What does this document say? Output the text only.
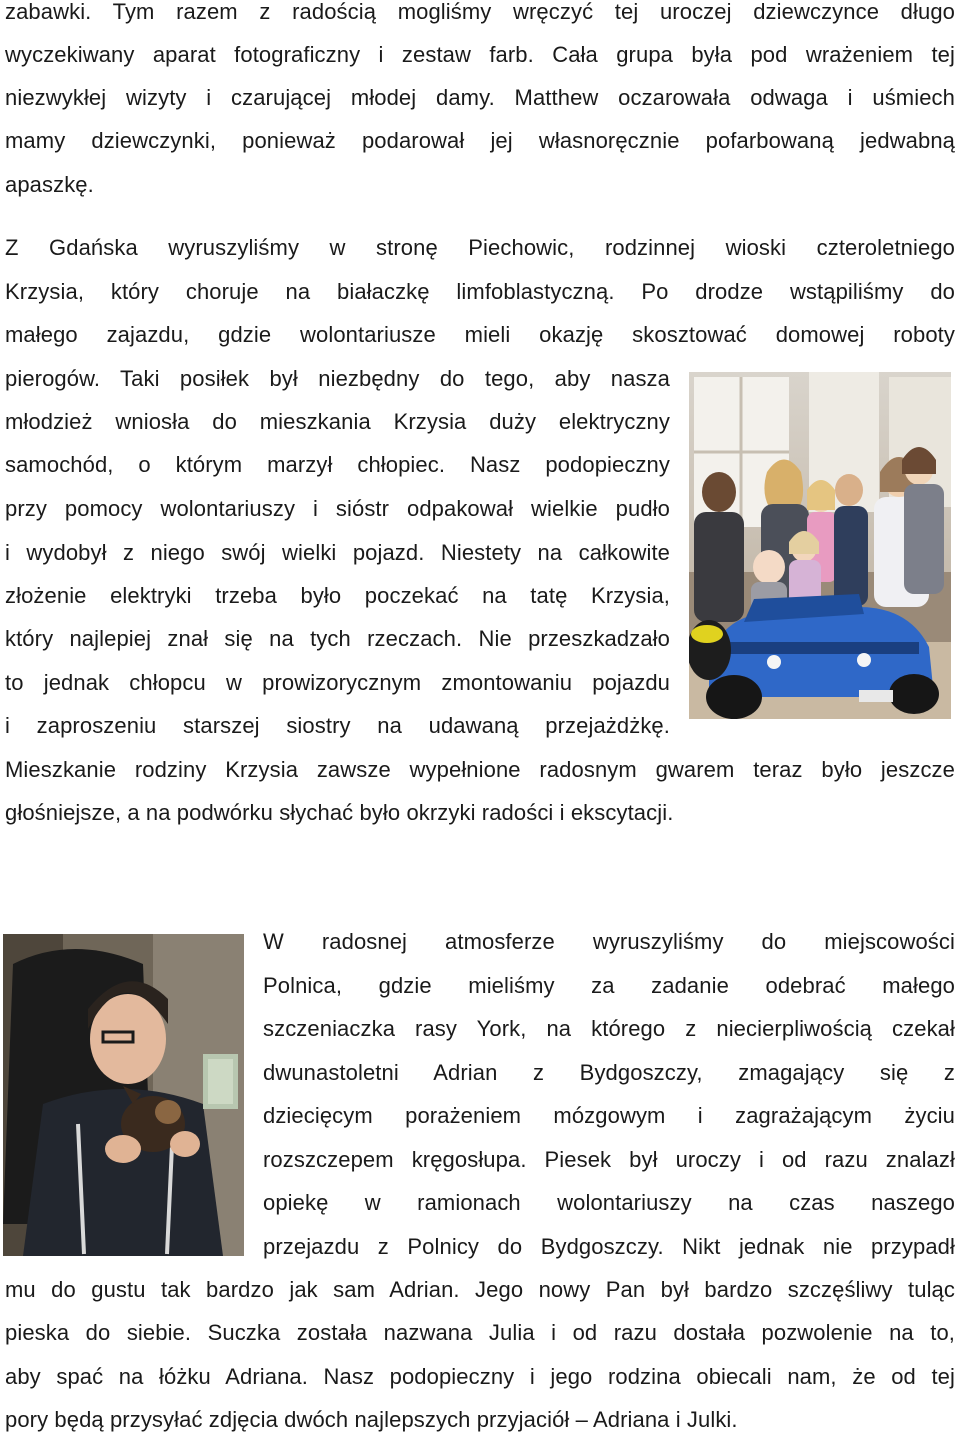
zabawki. Tym razem z radością mogliśmy wręczyć tej uroczej dziewczynce długo
wyczekiwany aparat fotograficzny i zestaw farb. Cała grupa była pod wrażeniem tej
niezwykłej wizyty i czarującej młodej damy. Matthew oczarowała odwaga i uśmiech
mamy dziewczynki, ponieważ podarował jej własnoręcznie pofarbowaną jedwabną
apaszkę.
Z Gdańska wyruszyliśmy w stronę Piechowic, rodzinnej wioski czteroletniego
Krzysia, który choruje na białaczkę limfoblastyczną. Po drodze wstąpiliśmy do
małego zajazdu, gdzie wolontariusze mieli okazję skosztować domowej roboty
pierogów. Taki posiłek był niezbędny do tego, aby nasza
młodzież wniosła do mieszkania Krzysia duży elektryczny
samochód, o którym marzył chłopiec. Nasz podopieczny
przy pomocy wolontariuszy i sióstr odpakował wielkie pudło
i wydobył z niego swój wielki pojazd. Niestety na całkowite
złożenie elektryki trzeba było poczekać na tatę Krzysia,
który najlepiej znał się na tych rzeczach. Nie przeszkadzało
to jednak chłopcu w prowizorycznym zmontowaniu pojazdu
i zaproszeniu starszej siostry na udawaną przejażdżkę.
Mieszkanie rodziny Krzysia zawsze wypełnione radosnym gwarem teraz było jeszcze
głośniejsze, a na podwórku słychać było okrzyki radości i ekscytacji.
W radosnej atmosferze wyruszyliśmy do miejscowości
Polnica, gdzie mieliśmy za zadanie odebrać małego
szczeniaczka rasy York, na którego z niecierpliwością czekał
dwunastoletni Adrian z Bydgoszczy, zmagający się z
dziecięcym porażeniem mózgowym i zagrażającym życiu
rozszczepem kręgosłupa. Piesek był uroczy i od razu znalazł
opiekę w ramionach wolontariuszy na czas naszego
przejazdu z Polnicy do Bydgoszczy. Nikt jednak nie przypadł
mu do gustu tak bardzo jak sam Adrian. Jego nowy Pan był bardzo szczęśliwy tuląc
pieska do siebie. Suczka została nazwana Julia i od razu dostała pozwolenie na to,
aby spać na łóżku Adriana. Nasz podopieczny i jego rodzina obiecali nam, że od tej
pory będą przysyłać zdjęcia dwóch najlepszych przyjaciół – Adriana i Julki.
